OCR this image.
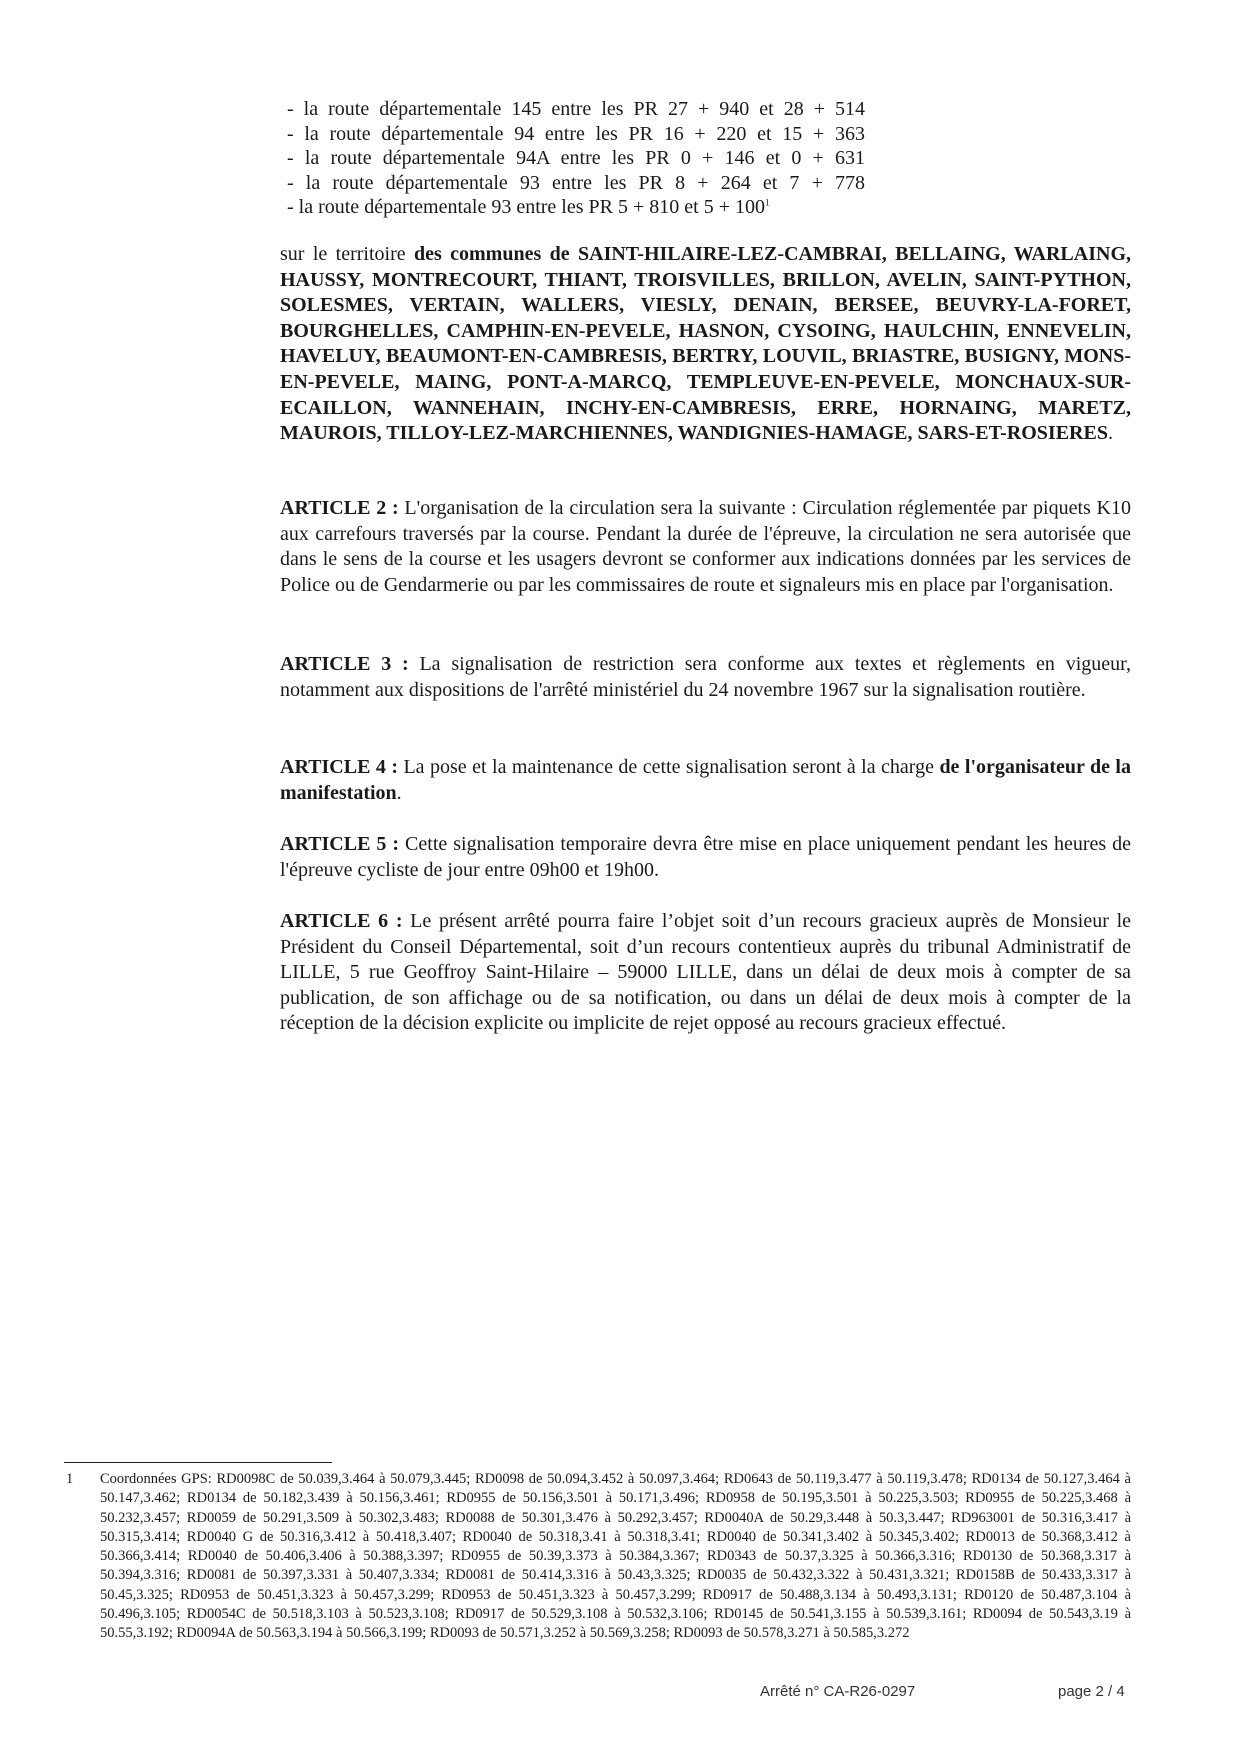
- la route départementale 145 entre les PR 27 + 940 et 28 + 514
- la route départementale 94 entre les PR 16 + 220 et 15 + 363
- la route départementale 94A entre les PR 0 + 146 et 0 + 631
- la route départementale 93 entre les PR 8 + 264 et 7 + 778
- la route départementale 93 entre les PR 5 + 810 et 5 + 100$^1$

sur le territoire des communes de SAINT-HILAIRE-LEZ-CAMBRAI, BELLAING, WARLAING, HAUSSY, MONTRECOURT, THIANT, TROISVILLES, BRILLON, AVELIN, SAINT-PYTHON, SOLESMES, VERTAIN, WALLERS, VIESLY, DENAIN, BERSEE, BEUVRY-LA-FORET, BOURGHELLES, CAMPHIN-EN-PEVELE, HASNON, CYSOING, HAULCHIN, ENNEVELIN, HAVELUY, BEAUMONT-EN-CAMBRESIS, BERTRY, LOUVIL, BRIASTRE, BUSIGNY, MONS-EN-PEVELE, MAING, PONT-A-MARCQ, TEMPLEUVE-EN-PEVELE, MONCHAUX-SUR-ECAILLON, WANNEHAIN, INCHY-EN-CAMBRESIS, ERRE, HORNAING, MARETZ, MAUROIS, TILLOY-LEZ-MARCHIENNES, WANDIGNIES-HAMAGE, SARS-ET-ROSIERES.

ARTICLE 2 : L'organisation de la circulation sera la suivante : Circulation réglementée par piquets K10 aux carrefours traversés par la course. Pendant la durée de l'épreuve, la circulation ne sera autorisée que dans le sens de la course et les usagers devront se conformer aux indications données par les services de Police ou de Gendarmerie ou par les commissaires de route et signaleurs mis en place par l'organisation.

ARTICLE 3 : La signalisation de restriction sera conforme aux textes et règlements en vigueur, notamment aux dispositions de l'arrêté ministériel du 24 novembre 1967 sur la signalisation routière.

ARTICLE 4 : La pose et la maintenance de cette signalisation seront à la charge de l'organisateur de la manifestation.

ARTICLE 5 : Cette signalisation temporaire devra être mise en place uniquement pendant les heures de l'épreuve cycliste de jour entre 09h00 et 19h00.

ARTICLE 6 : Le présent arrêté pourra faire l’objet soit d’un recours gracieux auprès de Monsieur le Président du Conseil Départemental, soit d’un recours contentieux auprès du tribunal Administratif de LILLE, 5 rue Geoffroy Saint-Hilaire – 59000 LILLE, dans un délai de deux mois à compter de sa publication, de son affichage ou de sa notification, ou dans un délai de deux mois à compter de la réception de la décision explicite ou implicite de rejet opposé au recours gracieux effectué.

1 Coordonnées GPS: RD0098C de 50.039,3.464 à 50.079,3.445; RD0098 de 50.094,3.452 à 50.097,3.464; RD0643 de 50.119,3.477 à 50.119,3.478; RD0134 de 50.127,3.464 à 50.147,3.462; RD0134 de 50.182,3.439 à 50.156,3.461; RD0955 de 50.156,3.501 à 50.171,3.496; RD0958 de 50.195,3.501 à 50.225,3.503; RD0955 de 50.225,3.468 à 50.232,3.457; RD0059 de 50.291,3.509 à 50.302,3.483; RD0088 de 50.301,3.476 à 50.292,3.457; RD0040A de 50.29,3.448 à 50.3,3.447; RD963001 de 50.316,3.417 à 50.315,3.414; RD0040 G de 50.316,3.412 à 50.418,3.407; RD0040 de 50.318,3.41 à 50.318,3.41; RD0040 de 50.341,3.402 à 50.345,3.402; RD0013 de 50.368,3.412 à 50.366,3.414; RD0040 de 50.406,3.406 à 50.388,3.397; RD0955 de 50.39,3.373 à 50.384,3.367; RD0343 de 50.37,3.325 à 50.366,3.316; RD0130 de 50.368,3.317 à 50.394,3.316; RD0081 de 50.397,3.331 à 50.407,3.334; RD0081 de 50.414,3.316 à 50.43,3.325; RD0035 de 50.432,3.322 à 50.431,3.321; RD0158B de 50.433,3.317 à 50.45,3.325; RD0953 de 50.451,3.323 à 50.457,3.299; RD0953 de 50.451,3.323 à 50.457,3.299; RD0917 de 50.488,3.134 à 50.493,3.131; RD0120 de 50.487,3.104 à 50.496,3.105; RD0054C de 50.518,3.103 à 50.523,3.108; RD0917 de 50.529,3.108 à 50.532,3.106; RD0145 de 50.541,3.155 à 50.539,3.161; RD0094 de 50.543,3.19 à 50.55,3.192; RD0094A de 50.563,3.194 à 50.566,3.199; RD0093 de 50.571,3.252 à 50.569,3.258; RD0093 de 50.578,3.271 à 50.585,3.272
Arrêté n° CA-R26-0297	page 2 / 4
